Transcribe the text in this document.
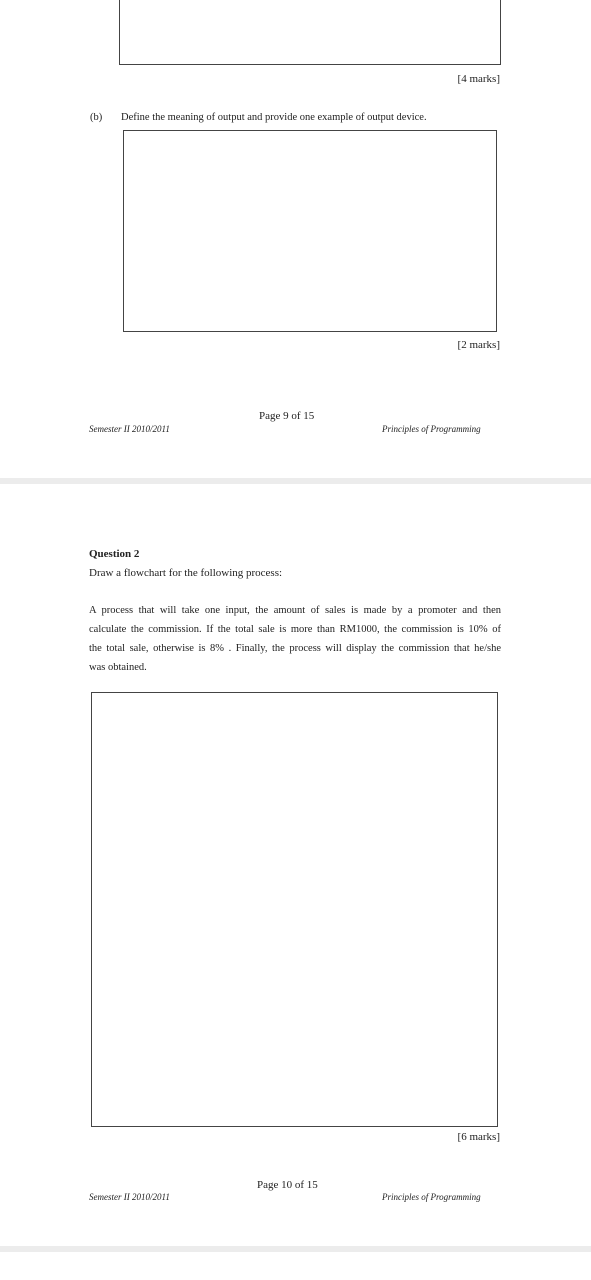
[4 marks]
(b) Define the meaning of output and provide one example of output device.
[2 marks]
Page 9 of 15
Semester II 2010/2011	Principles of Programming
Question 2
Draw a flowchart for the following process:
A process that will take one input, the amount of sales is made by a promoter and then
calculate the commission. If the total sale is more than RM1000, the commission is 10% of
the total sale, otherwise is 8% . Finally, the process will display the commission that he/she
was obtained.
[6 marks]
Page 10 of 15
Semester II 2010/2011	Principles of Programming
